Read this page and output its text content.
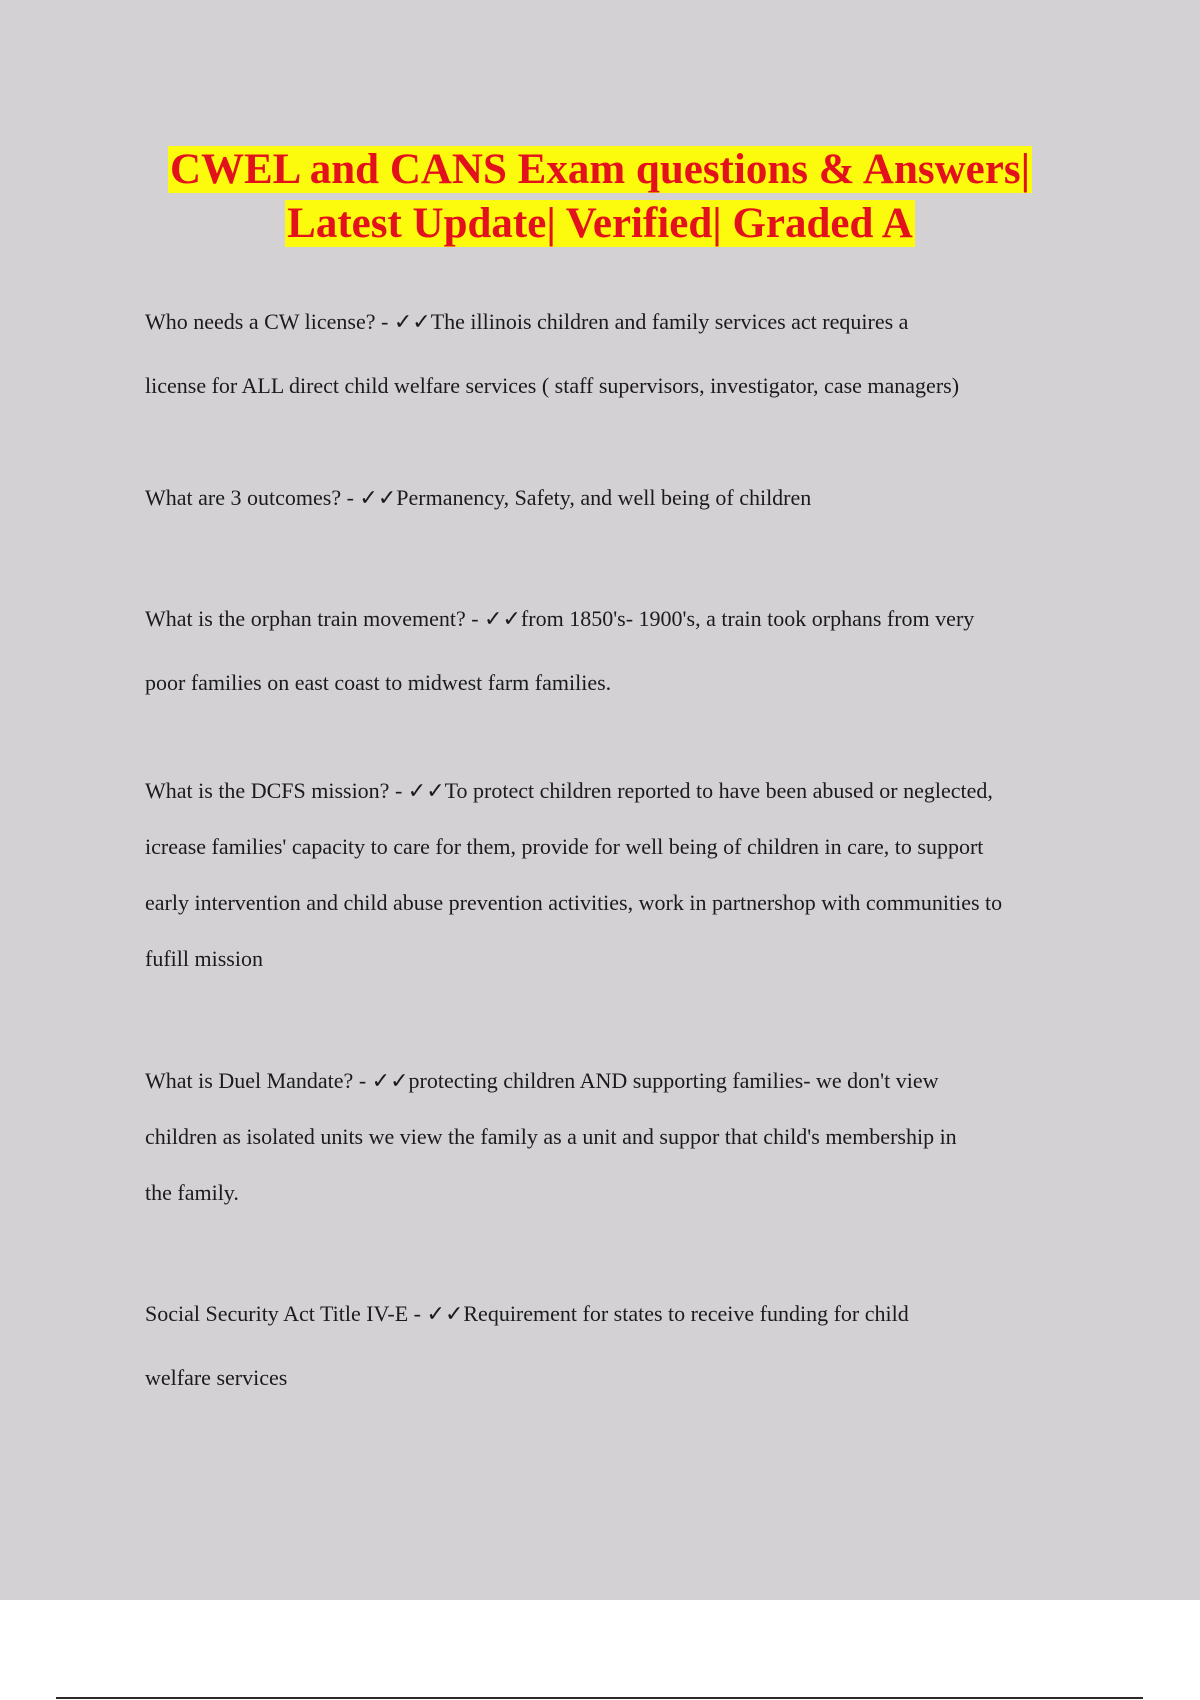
CWEL and CANS Exam questions & Answers|
Latest Update| Verified| Graded A

Who needs a CW license? - ✓✓The illinois children and family services act requires a
license for ALL direct child welfare services ( staff supervisors, investigator, case managers)

What are 3 outcomes? - ✓✓Permanency, Safety, and well being of children

What is the orphan train movement? - ✓✓from 1850's- 1900's, a train took orphans from very
poor families on east coast to midwest farm families.

What is the DCFS mission? - ✓✓To protect children reported to have been abused or neglected,
icrease families' capacity to care for them, provide for well being of children in care, to support
early intervention and child abuse prevention activities, work in partnershop with communities to
fufill mission

What is Duel Mandate? - ✓✓protecting children AND supporting families- we don't view
children as isolated units we view the family as a unit and suppor that child's membership in
the family.

Social Security Act Title IV-E - ✓✓Requirement for states to receive funding for child
welfare services
